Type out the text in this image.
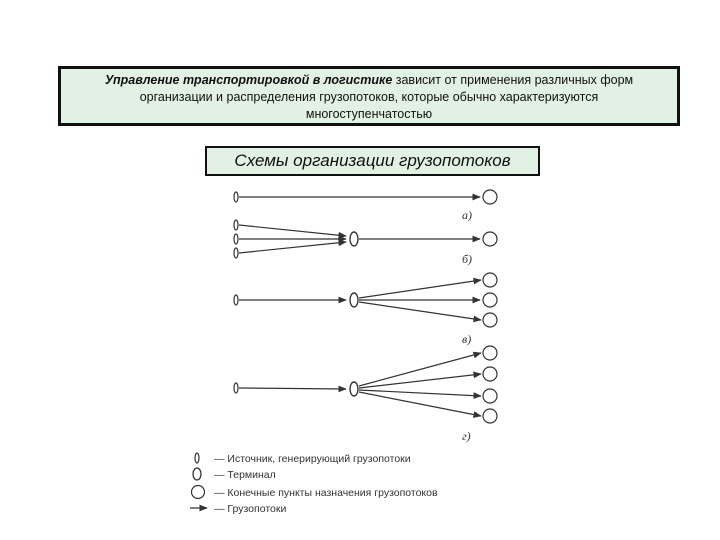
Управление транспортировкой в логистике зависит от применения различных форм
организации и распределения грузопотоков, которые обычно характеризуются
многоступенчатостью
Схемы организации грузопотоков
а)
б)
в)
г)
— Источник, генерирующий грузопотоки
— Терминал
— Конечные пункты назначения грузопотоков
— Грузопотоки
